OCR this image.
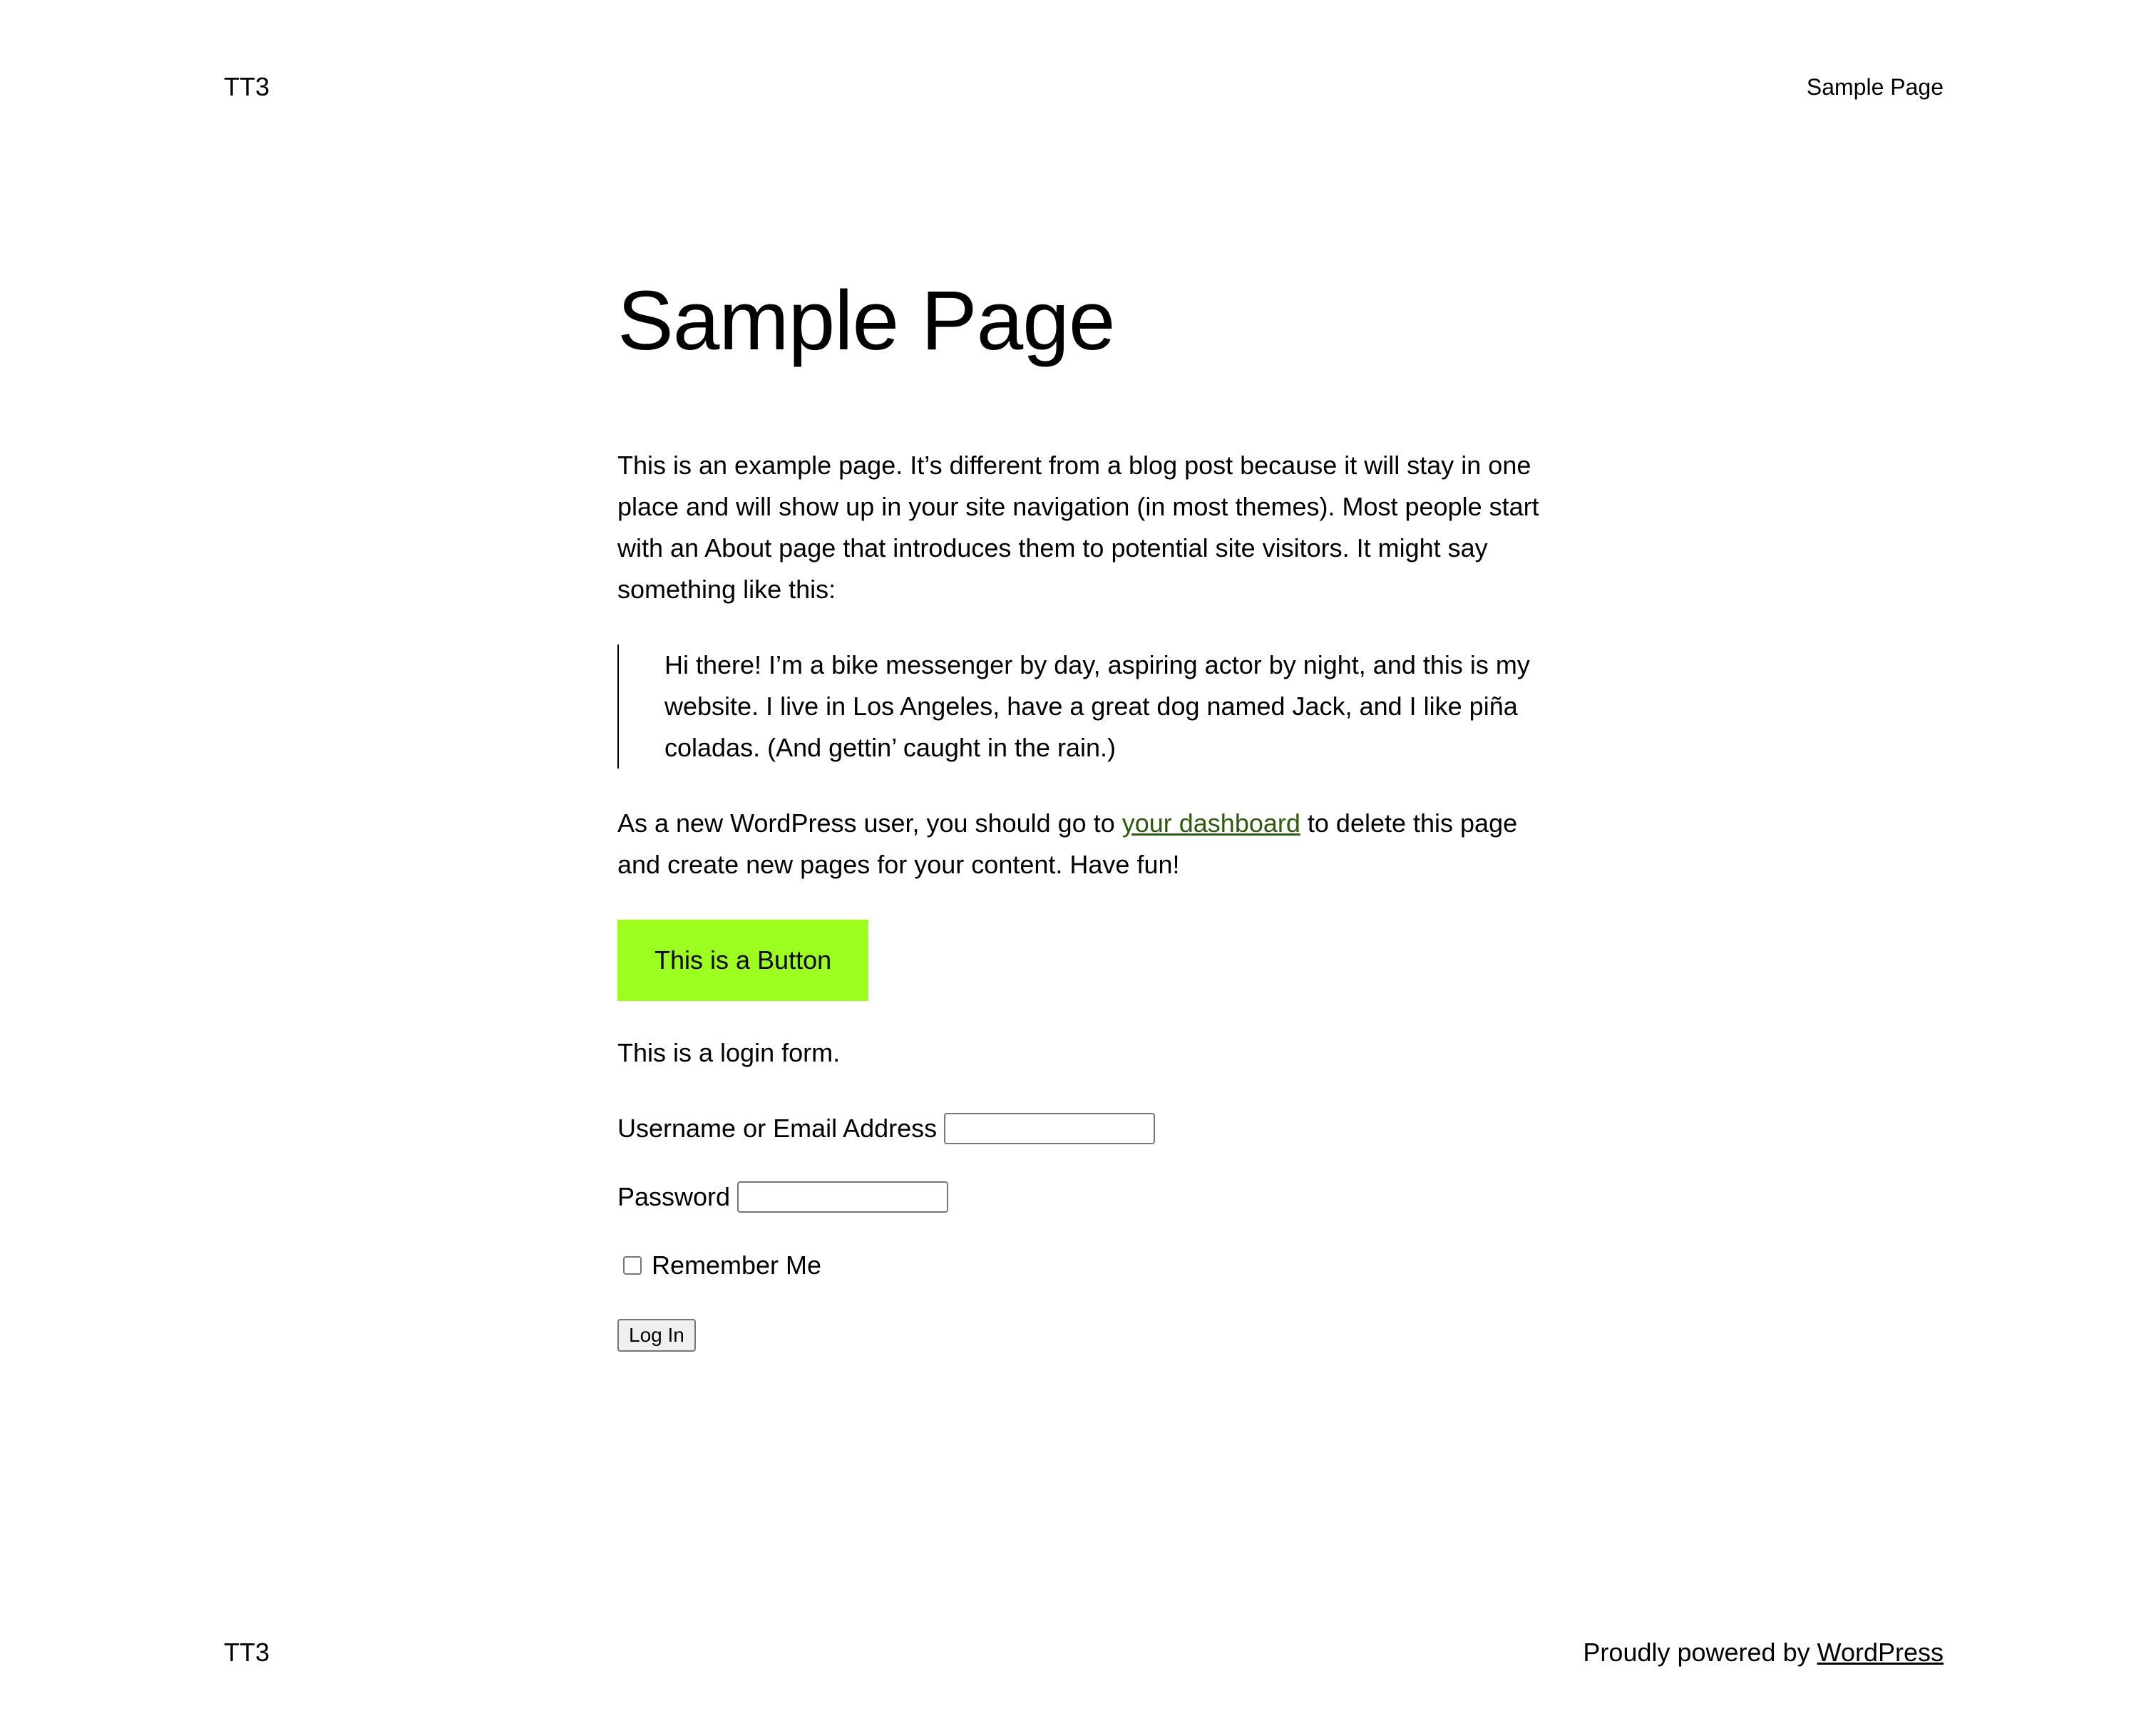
TT3	Sample Page
Sample Page

This is an example page. It’s different from a blog post because it will stay in one place and will show up in your site navigation (in most themes). Most people start with an About page that introduces them to potential site visitors. It might say something like this:

Hi there! I’m a bike messenger by day, aspiring actor by night, and this is my website. I live in Los Angeles, have a great dog named Jack, and I like piña coladas. (And gettin’ caught in the rain.)

As a new WordPress user, you should go to your dashboard to delete this page and create new pages for your content. Have fun!

This is a Button

This is a login form.

Username or Email Address
Password
Remember Me
Log In
TT3	Proudly powered by WordPress
